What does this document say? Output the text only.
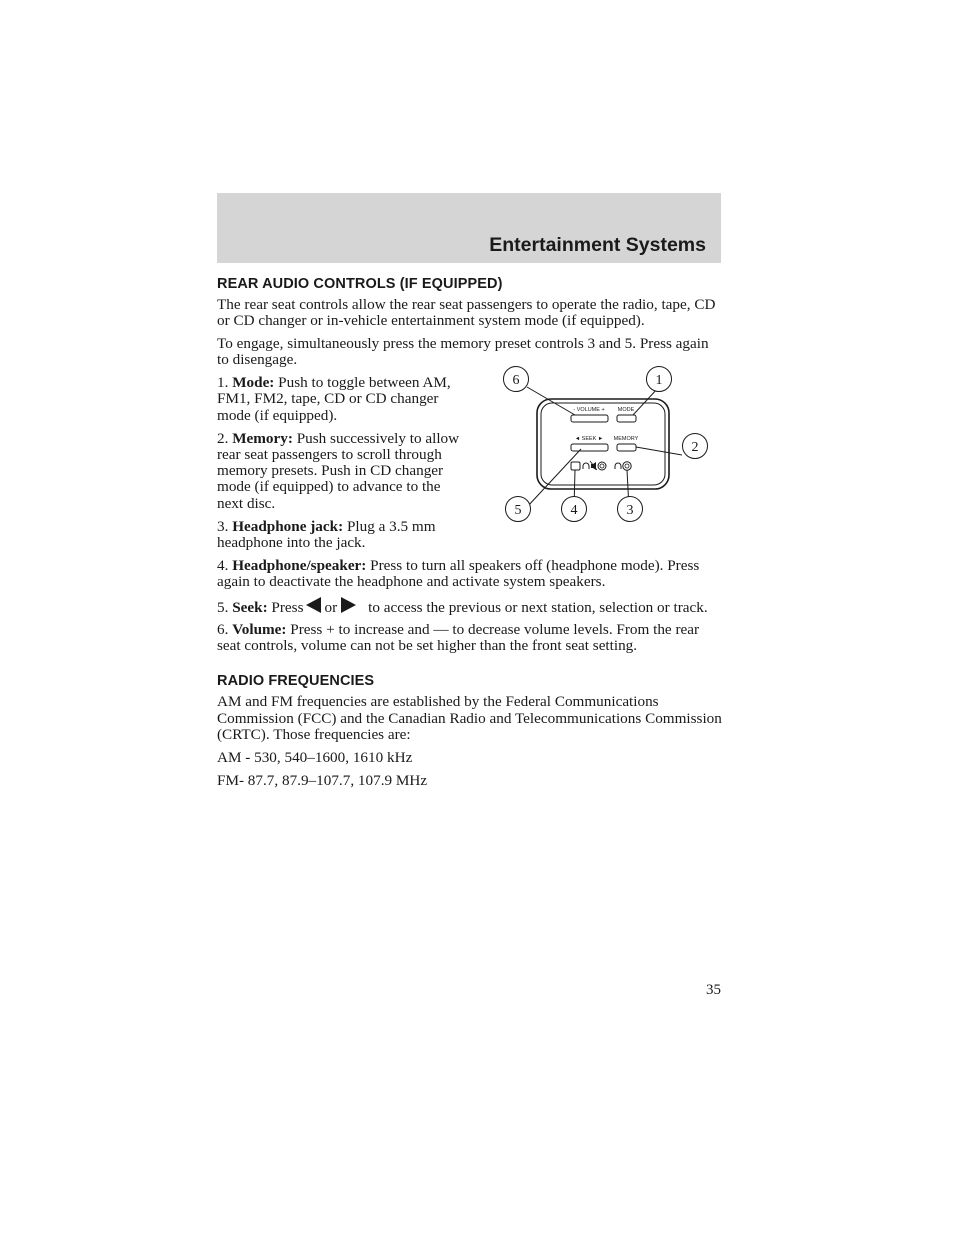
Entertainment Systems
REAR AUDIO CONTROLS (IF EQUIPPED)

The rear seat controls allow the rear seat passengers to operate the radio, tape, CD or CD changer or in-vehicle entertainment system mode (if equipped).

To engage, simultaneously press the memory preset controls 3 and 5. Press again to disengage.

1. Mode: Push to toggle between AM, FM1, FM2, tape, CD or CD changer mode (if equipped).

2. Memory: Push successively to allow rear seat passengers to scroll through memory presets. Push in CD changer mode (if equipped) to advance to the next disc.

3. Headphone jack: Plug a 3.5 mm headphone into the jack.

- VOLUME + MODE
◄ SEEK ► MEMORY
6	1
2
5	4	3

4. Headphone/speaker: Press to turn all speakers off (headphone mode). Press again to deactivate the headphone and activate system speakers.

5. Seek: Press or to access the previous or next station, selection or track.

6. Volume: Press + to increase and — to decrease volume levels. From the rear seat controls, volume can not be set higher than the front seat setting.

RADIO FREQUENCIES

AM and FM frequencies are established by the Federal Communications Commission (FCC) and the Canadian Radio and Telecommunications Commission (CRTC). Those frequencies are:

AM - 530, 540–1600, 1610 kHz

FM- 87.7, 87.9–107.7, 107.9 MHz

35
